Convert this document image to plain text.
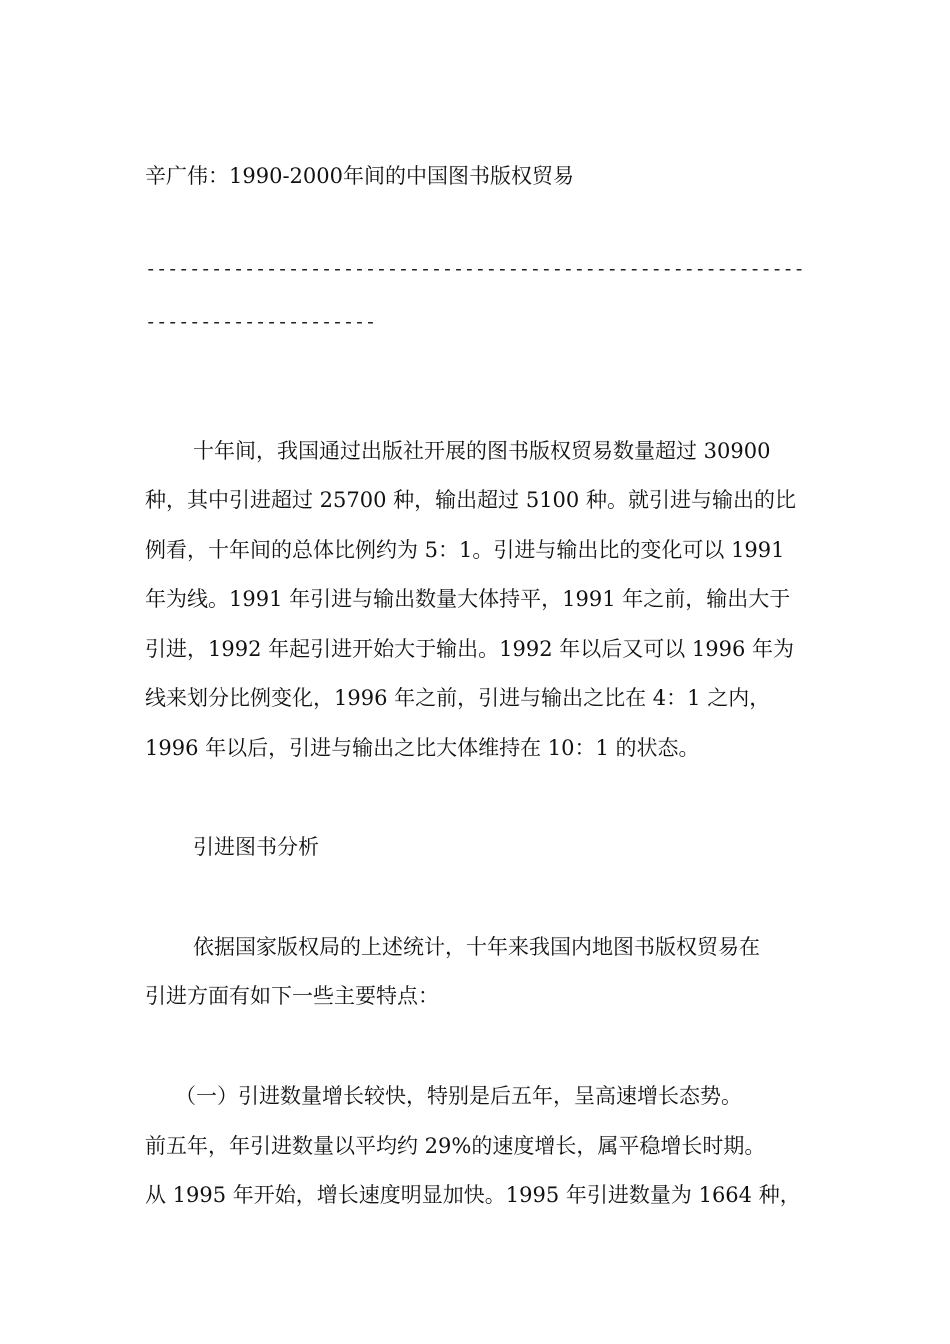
辛广伟：1990-2000年间的中国图书版权贸易
------------------------------------------------------------
---------------------
十年间，我国通过出版社开展的图书版权贸易数量超过 30900
种，其中引进超过 25700 种，输出超过 5100 种。就引进与输出的比
例看，十年间的总体比例约为 5：1。引进与输出比的变化可以 1991
年为线。1991 年引进与输出数量大体持平，1991 年之前，输出大于
引进，1992 年起引进开始大于输出。1992 年以后又可以 1996 年为
线来划分比例变化，1996 年之前，引进与输出之比在 4：1 之内，
1996 年以后，引进与输出之比大体维持在 10：1 的状态。
引进图书分析
依据国家版权局的上述统计，十年来我国内地图书版权贸易在
引进方面有如下一些主要特点：
（一）引进数量增长较快，特别是后五年，呈高速增长态势。
前五年，年引进数量以平均约 29%的速度增长，属平稳增长时期。
从 1995 年开始，增长速度明显加快。1995 年引进数量为 1664 种，
